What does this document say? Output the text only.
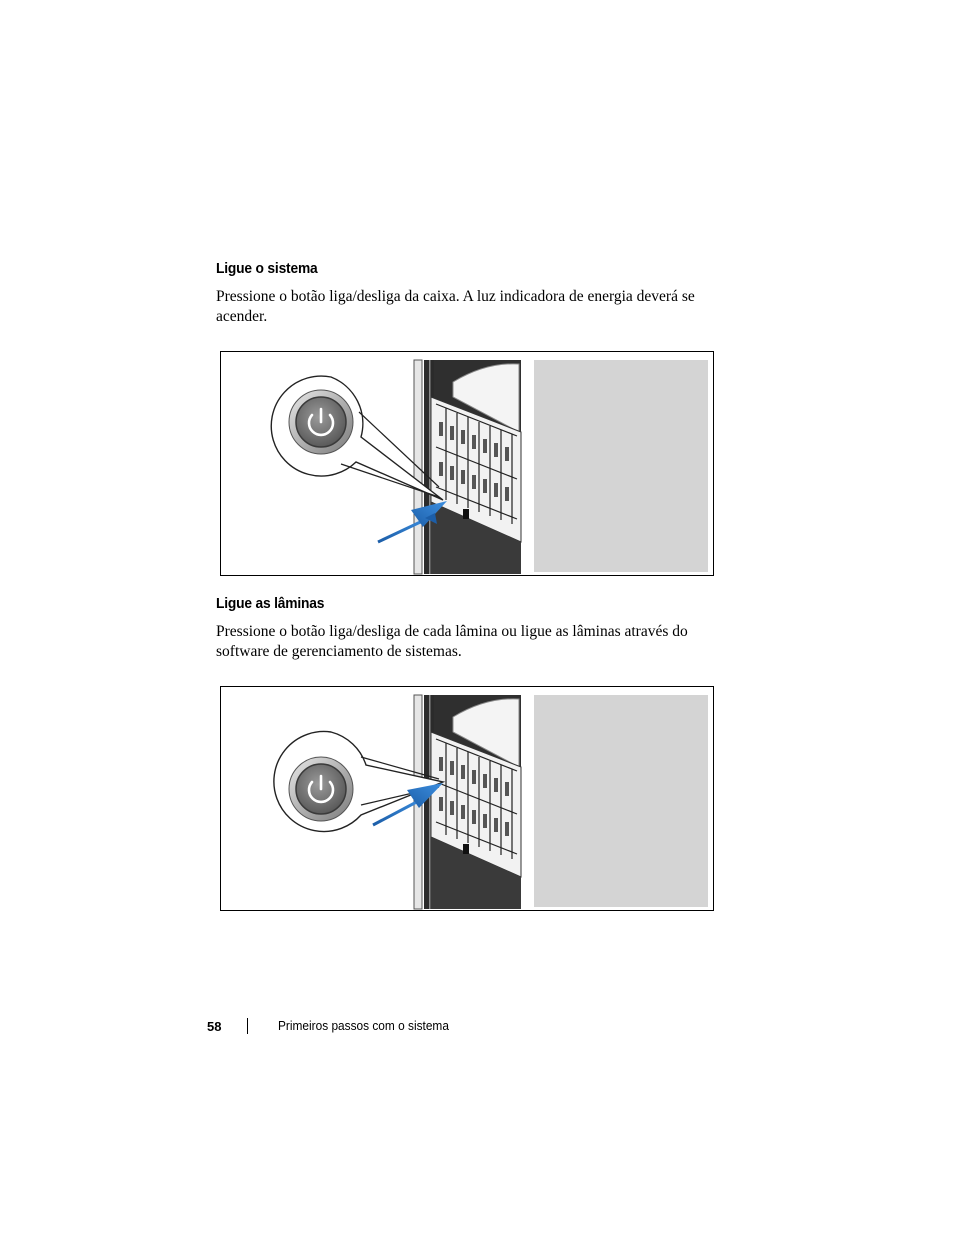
Ligue o sistema
Pressione o botão liga/desliga da caixa. A luz indicadora de energia deverá se acender.
Ligue as lâminas
Pressione o botão liga/desliga de cada lâmina ou ligue as lâminas através do software de gerenciamento de sistemas.
58	Primeiros passos com o sistema
